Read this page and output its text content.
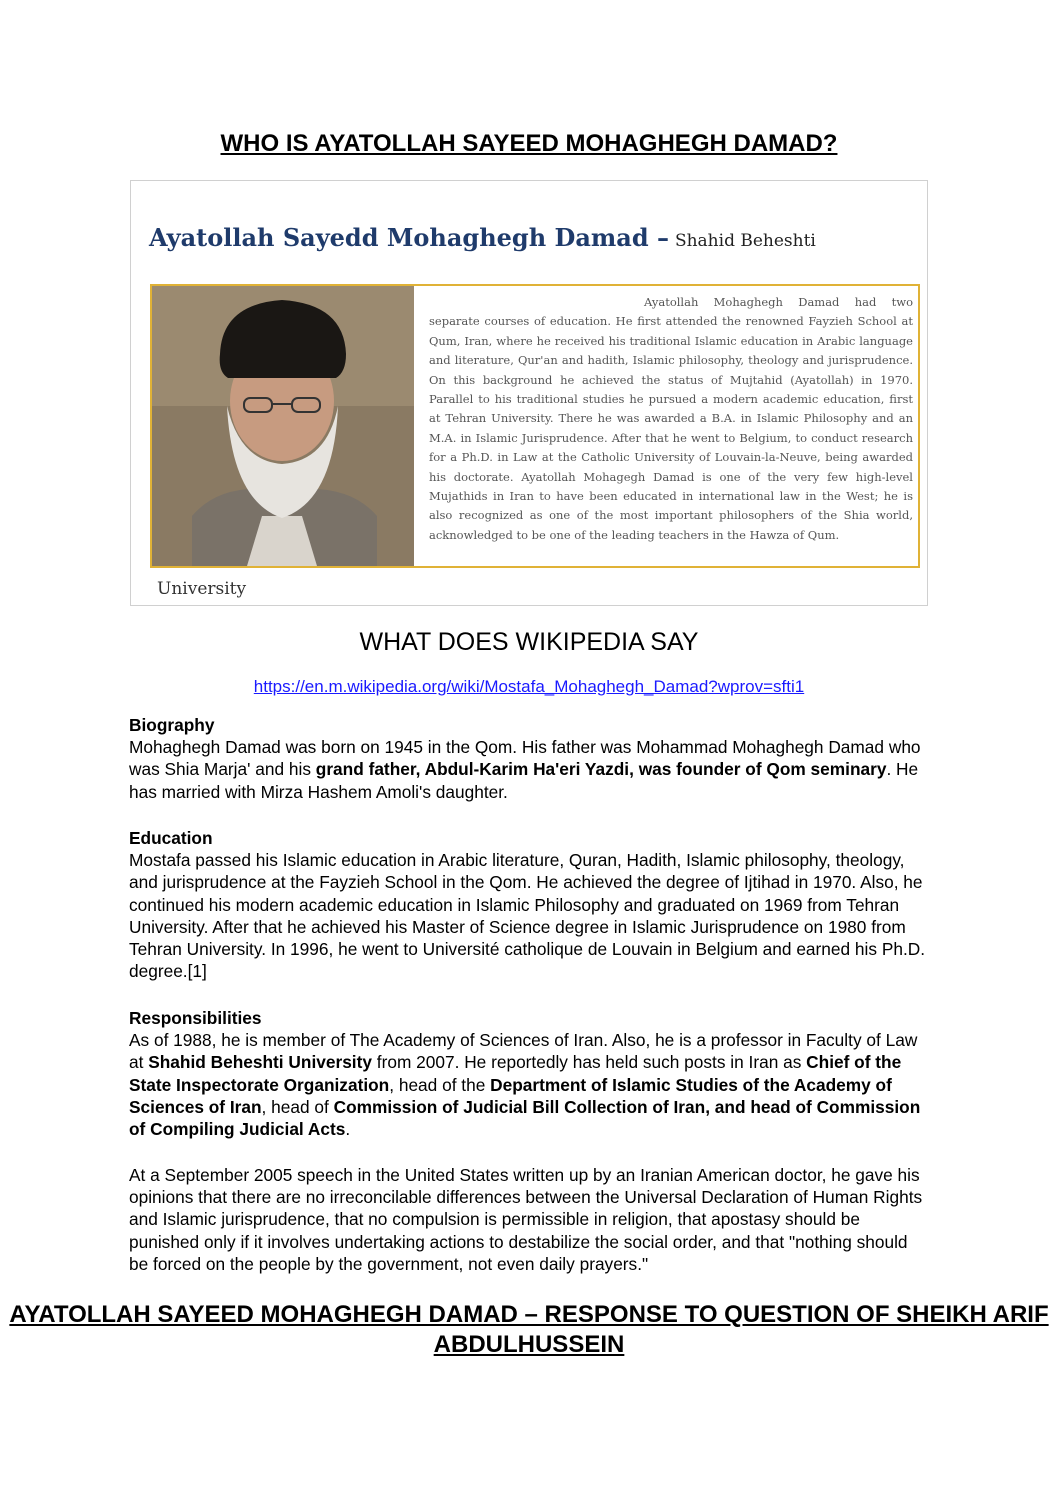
WHO IS AYATOLLAH SAYEED MOHAGHEGH DAMAD?
Ayatollah Sayedd Mohaghegh Damad – Shahid Beheshti

Ayatollah Mohaghegh Damad had two separate courses of education. He first attended the renowned Fayzieh School at Qum, Iran, where he received his traditional Islamic education in Arabic language and literature, Qur'an and hadith, Islamic philosophy, theology and jurisprudence. On this background he achieved the status of Mujtahid (Ayatollah) in 1970. Parallel to his traditional studies he pursued a modern academic education, first at Tehran University. There he was awarded a B.A. in Islamic Philosophy and an M.A. in Islamic Jurisprudence. After that he went to Belgium, to conduct research for a Ph.D. in Law at the Catholic University of Louvain-la-Neuve, being awarded his doctorate. Ayatollah Mohagegh Damad is one of the very few high-level Mujathids in Iran to have been educated in international law in the West; he is also recognized as one of the most important philosophers of the Shia world, acknowledged to be one of the leading teachers in the Hawza of Qum.

University
WHAT DOES WIKIPEDIA SAY
https://en.m.wikipedia.org/wiki/Mostafa_Mohaghegh_Damad?wprov=sfti1

Biography
Mohaghegh Damad was born on 1945 in the Qom. His father was Mohammad Mohaghegh Damad who was Shia Marja' and his grand father, Abdul-Karim Ha'eri Yazdi, was founder of Qom seminary. He has married with Mirza Hashem Amoli's daughter.

Education
Mostafa passed his Islamic education in Arabic literature, Quran, Hadith, Islamic philosophy, theology, and jurisprudence at the Fayzieh School in the Qom. He achieved the degree of Ijtihad in 1970. Also, he continued his modern academic education in Islamic Philosophy and graduated on 1969 from Tehran University. After that he achieved his Master of Science degree in Islamic Jurisprudence on 1980 from Tehran University. In 1996, he went to Université catholique de Louvain in Belgium and earned his Ph.D. degree.[1]

Responsibilities
As of 1988, he is member of The Academy of Sciences of Iran. Also, he is a professor in Faculty of Law at Shahid Beheshti University from 2007. He reportedly has held such posts in Iran as Chief of the State Inspectorate Organization, head of the Department of Islamic Studies of the Academy of Sciences of Iran, head of Commission of Judicial Bill Collection of Iran, and head of Commission of Compiling Judicial Acts.

At a September 2005 speech in the United States written up by an Iranian American doctor, he gave his opinions that there are no irreconcilable differences between the Universal Declaration of Human Rights and Islamic jurisprudence, that no compulsion is permissible in religion, that apostasy should be punished only if it involves undertaking actions to destabilize the social order, and that "nothing should be forced on the people by the government, not even daily prayers."

AYATOLLAH SAYEED MOHAGHEGH DAMAD – RESPONSE TO QUESTION OF SHEIKH ARIF ABDULHUSSEIN
